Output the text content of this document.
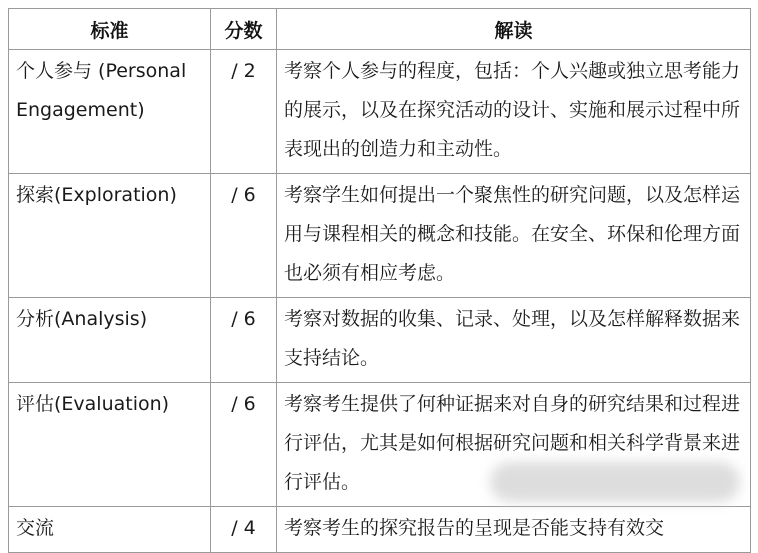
标准	分数	解读
个人参与 (Personal Engagement)	/ 2	考察个人参与的程度，包括：个人兴趣或独立思考能力的展示，以及在探究活动的设计、实施和展示过程中所表现出的创造力和主动性。
探索(Exploration)	/ 6	考察学生如何提出一个聚焦性的研究问题，以及怎样运用与课程相关的概念和技能。在安全、环保和伦理方面也必须有相应考虑。
分析(Analysis)	/ 6	考察对数据的收集、记录、处理，以及怎样解释数据来支持结论。
评估(Evaluation)	/ 6	考察考生提供了何种证据来对自身的研究结果和过程进行评估，尤其是如何根据研究问题和相关科学背景来进行评估。
交流	/ 4	考察考生的探究报告的呈现是否能支持有效交
